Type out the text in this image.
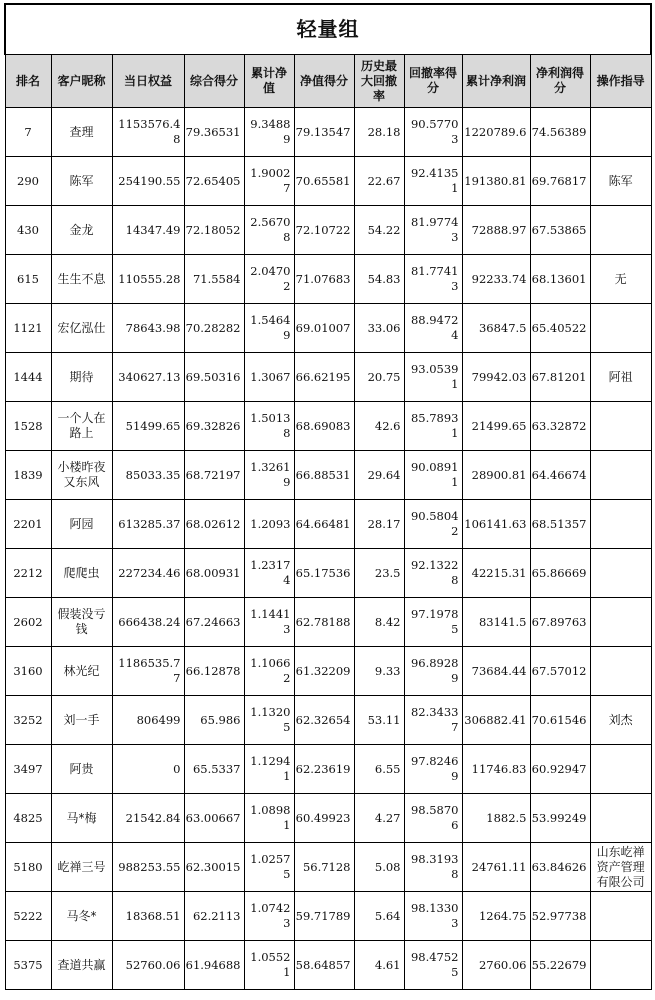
轻量组										
排名	客户昵称	当日权益	综合得分	累计净值	净值得分	历史最大回撤率	回撤率得分	累计净利润	净利润得分	操作指导
7	查理	1153576.48	79.36531	9.34889	79.13547	28.18	90.57703	1220789.6	74.56389	
290	陈军	254190.55	72.65405	1.90027	70.65581	22.67	92.41351	191380.81	69.76817	陈军
430	金龙	14347.49	72.18052	2.56708	72.10722	54.22	81.97743	72888.97	67.53865	
615	生生不息	110555.28	71.5584	2.04702	71.07683	54.83	81.77413	92233.74	68.13601	无
1121	宏亿泓仕	78643.98	70.28282	1.54649	69.01007	33.06	88.94724	36847.5	65.40522	
1444	期待	340627.13	69.50316	1.3067	66.62195	20.75	93.05391	79942.03	67.81201	阿祖
1528	一个人在路上	51499.65	69.32826	1.50138	68.69083	42.6	85.78931	21499.65	63.32872	
1839	小楼昨夜又东风	85033.35	68.72197	1.32619	66.88531	29.64	90.08911	28900.81	64.46674	
2201	阿园	613285.37	68.02612	1.2093	64.66481	28.17	90.58042	106141.63	68.51357	
2212	爬爬虫	227234.46	68.00931	1.23174	65.17536	23.5	92.13228	42215.31	65.86669	
2602	假装没亏钱	666438.24	67.24663	1.14413	62.78188	8.42	97.19785	83141.5	67.89763	
3160	林光纪	1186535.77	66.12878	1.10662	61.32209	9.33	96.89289	73684.44	67.57012	
3252	刘一手	806499	65.986	1.13205	62.32654	53.11	82.34337	306882.41	70.61546	刘杰
3497	阿贵	0	65.5337	1.12941	62.23619	6.55	97.82469	11746.83	60.92947	
4825	马*梅	21542.84	63.00667	1.08981	60.49923	4.27	98.58706	1882.5	53.99249	
5180	屹禅三号	988253.55	62.30015	1.02575	56.7128	5.08	98.31938	24761.11	63.84626	山东屹禅资产管理有限公司
5222	马冬*	18368.51	62.2113	1.07423	59.71789	5.64	98.13303	1264.75	52.97738	
5375	查道共赢	52760.06	61.94688	1.05521	58.64857	4.61	98.47525	2760.06	55.22679	
